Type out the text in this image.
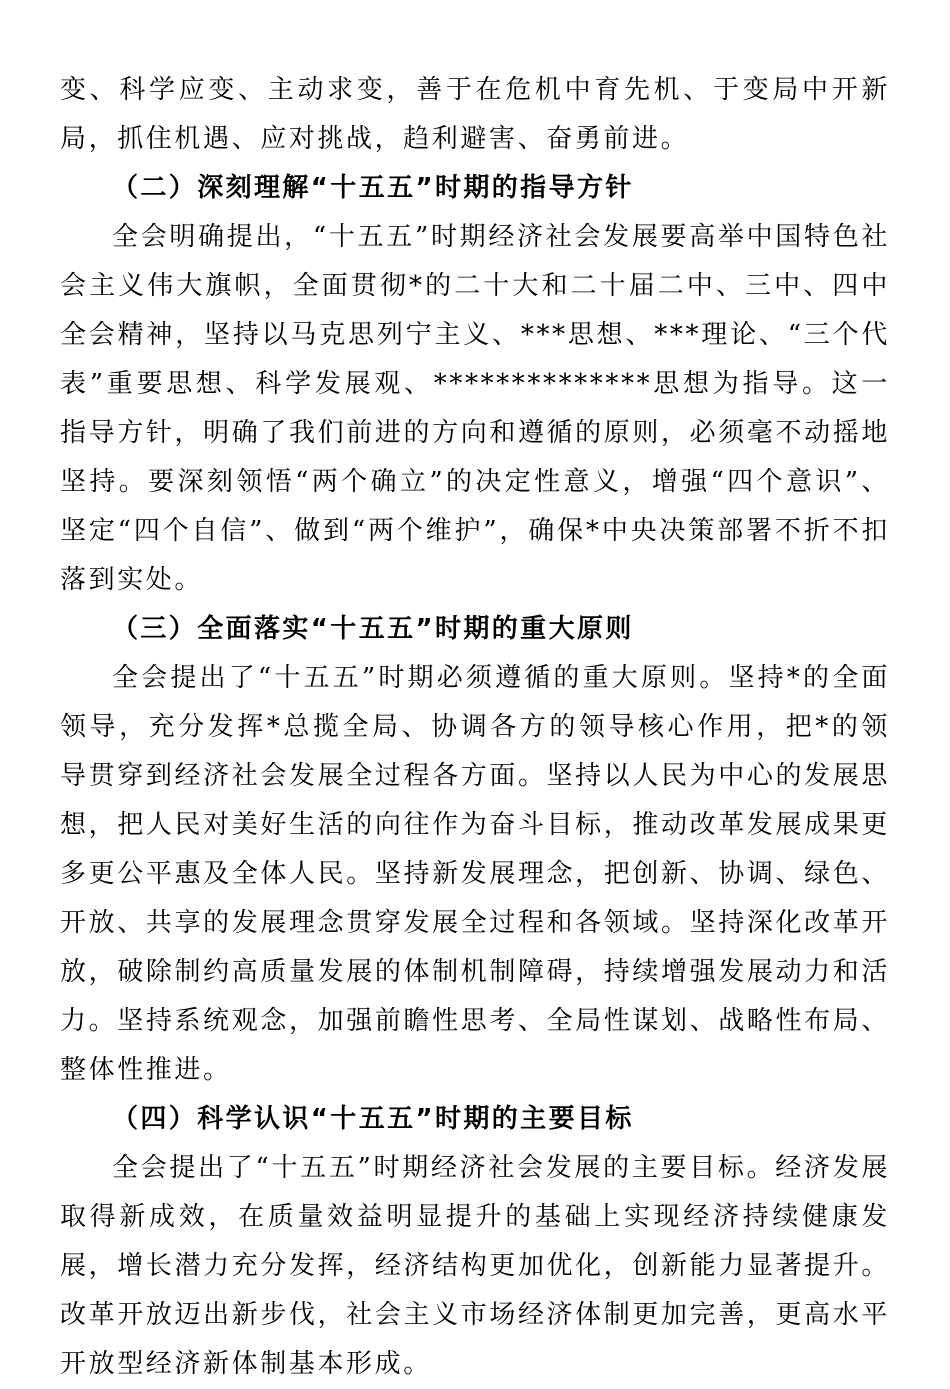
变、科学应变、主动求变，善于在危机中育先机、于变局中开新局，抓住机遇、应对挑战，趋利避害、奋勇前进。

（二）深刻理解“十五五”时期的指导方针

全会明确提出，“十五五”时期经济社会发展要高举中国特色社会主义伟大旗帜，全面贯彻*的二十大和二十届二中、三中、四中全会精神，坚持以马克思列宁主义、***思想、***理论、“三个代表”重要思想、科学发展观、**************思想为指导。这一指导方针，明确了我们前进的方向和遵循的原则，必须毫不动摇地坚持。要深刻领悟“两个确立”的决定性意义，增强“四个意识”、坚定“四个自信”、做到“两个维护”，确保*中央决策部署不折不扣落到实处。

（三）全面落实“十五五”时期的重大原则

全会提出了“十五五”时期必须遵循的重大原则。坚持*的全面领导，充分发挥*总揽全局、协调各方的领导核心作用，把*的领导贯穿到经济社会发展全过程各方面。坚持以人民为中心的发展思想，把人民对美好生活的向往作为奋斗目标，推动改革发展成果更多更公平惠及全体人民。坚持新发展理念，把创新、协调、绿色、开放、共享的发展理念贯穿发展全过程和各领域。坚持深化改革开放，破除制约高质量发展的体制机制障碍，持续增强发展动力和活力。坚持系统观念，加强前瞻性思考、全局性谋划、战略性布局、整体性推进。

（四）科学认识“十五五”时期的主要目标

全会提出了“十五五”时期经济社会发展的主要目标。经济发展取得新成效，在质量效益明显提升的基础上实现经济持续健康发展，增长潜力充分发挥，经济结构更加优化，创新能力显著提升。改革开放迈出新步伐，社会主义市场经济体制更加完善，更高水平开放型经济新体制基本形成。
